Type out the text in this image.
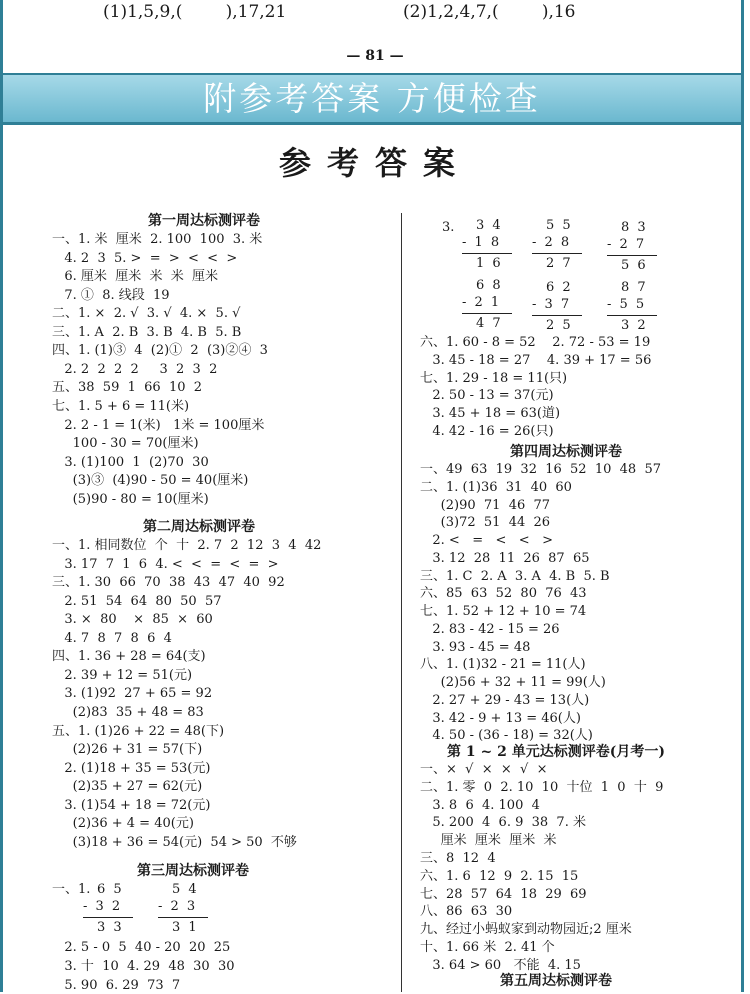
(1)1,5,9,(        ),17,21	(2)1,2,4,7,(        ),16
— 81 —
附参考答案 方便检查
参考答案
第一周达标测评卷
一、1. 米  厘米  2. 100  100  3. 米
4. 2  3  5. >  =  >  <  <  >
6. 厘米  厘米  米  米  厘米
7. ①  8. 线段  19
二、1. ×  2. √  3. √  4. ×  5. √
三、1. A  2. B  3. B  4. B  5. B
四、1. (1)③  4  (2)①  2  (3)②④  3
2. 2  2  2  2     3  2  3  2
五、38  59  1  66  10  2
七、1. 5 + 6 = 11(米)
2. 2 - 1 = 1(米)   1米 = 100厘米
100 - 30 = 70(厘米)
3. (1)100  1  (2)70  30
(3)③  (4)90 - 50 = 40(厘米)
(5)90 - 80 = 10(厘米)
第二周达标测评卷
一、1. 相同数位  个  十  2. 7  2  12  3  4  42
3. 17  7  1  6  4. <  <  =  <  =  >
三、1. 30  66  70  38  43  47  40  92
2. 51  54  64  80  50  57
3. ×  80    ×  85  ×  60
4. 7  8  7  8  6  4
四、1. 36 + 28 = 64(支)
2. 39 + 12 = 51(元)
3. (1)92  27 + 65 = 92
(2)83  35 + 48 = 83
五、1. (1)26 + 22 = 48(下)
(2)26 + 31 = 57(下)
2. (1)18 + 35 = 53(元)
(2)35 + 27 = 62(元)
3. (1)54 + 18 = 72(元)
(2)36 + 4 = 40(元)
(3)18 + 36 = 54(元)  54 > 50  不够
第三周达标测评卷
一、1. 6 5
- 3 2
3 3
5 4
- 2 3
3 1
2. 5 - 0  5  40 - 20  20  25
3. 十  10  4. 29  48  30  30
5. 90  6. 29  73  7
3. 3 4
- 1 8
1 6
5 5
- 2 8
2 7
8 3
- 2 7
5 6
6 8
- 2 1
4 7
6 2
- 3 7
2 5
8 7
- 5 5
3 2
六、1. 60 - 8 = 52    2. 72 - 53 = 19
3. 45 - 18 = 27    4. 39 + 17 = 56
七、1. 29 - 18 = 11(只)
2. 50 - 13 = 37(元)
3. 45 + 18 = 63(道)
4. 42 - 16 = 26(只)
第四周达标测评卷
一、49  63  19  32  16  52  10  48  57
二、1. (1)36  31  40  60
(2)90  71  46  77
(3)72  51  44  26
2. <   =   <   <   >
3. 12  28  11  26  87  65
三、1. C  2. A  3. A  4. B  5. B
六、85  63  52  80  76  43
七、1. 52 + 12 + 10 = 74
2. 83 - 42 - 15 = 26
3. 93 - 45 = 48
八、1. (1)32 - 21 = 11(人)
(2)56 + 32 + 11 = 99(人)
2. 27 + 29 - 43 = 13(人)
3. 42 - 9 + 13 = 46(人)
4. 50 - (36 - 18) = 32(人)
第 1 ~ 2 单元达标测评卷(月考一)
一、×  √  ×  ×  √  ×
二、1. 零  0  2. 10  10  十位  1  0  十  9
3. 8  6  4. 100  4
5. 200  4  6. 9  38  7. 米
厘米  厘米  厘米  米
三、8  12  4
六、1. 6  12  9  2. 15  15
七、28  57  64  18  29  69
八、86  63  30
九、经过小蚂蚁家到动物园近;2 厘米
十、1. 66 米  2. 41 个
3. 64 > 60   不能  4. 15
第五周达标测评卷
